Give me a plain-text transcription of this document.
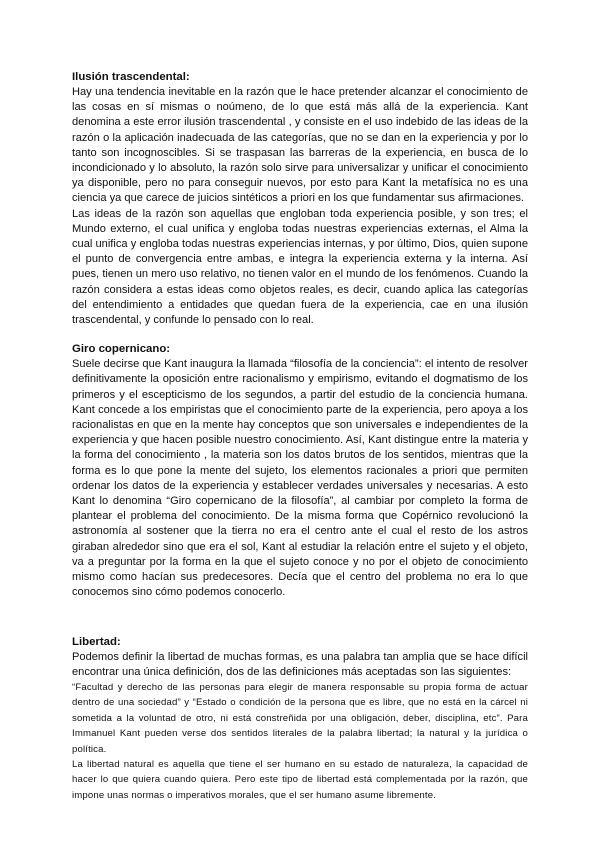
Ilusión trascendental:

Hay una tendencia inevitable en la razón que le hace pretender alcanzar el conocimiento de las cosas en sí mismas o noúmeno, de lo que está más allá de la experiencia. Kant denomina a este error ilusión trascendental , y consiste en el uso indebido de las ideas de la razón o la aplicación inadecuada de las categorías, que no se dan en la experiencia y por lo tanto son incognoscibles. Si se traspasan las barreras de la experiencia, en busca de lo incondicionado y lo absoluto, la razón solo sirve para universalizar y unificar el conocimiento ya disponible, pero no para conseguir nuevos, por esto para Kant la metafísica no es una ciencia ya que carece de juicios sintéticos a priori en los que fundamentar sus afirmaciones.

Las ideas de la razón son aquellas que engloban toda experiencia posible, y son tres; el Mundo externo, el cual unifica y engloba todas nuestras experiencias externas, el Alma la cual unifica y engloba todas nuestras experiencias internas, y por último, Dios, quien supone el punto de convergencia entre ambas, e integra la experiencia externa y la interna. Así pues, tienen un mero uso relativo, no tienen valor en el mundo de los fenómenos. Cuando la razón considera a estas ideas como objetos reales, es decir, cuando aplica las categorías del entendimiento a entidades que quedan fuera de la experiencia, cae en una ilusión trascendental, y confunde lo pensado con lo real.

Giro copernicano:

Suele decirse que Kant inaugura la llamada “filosofía de la conciencia”: el intento de resolver definitivamente la oposición entre racionalismo y empirismo, evitando el dogmatismo de los primeros y el escepticismo de los segundos, a partir del estudio de la conciencia humana. Kant concede a los empiristas que el conocimiento parte de la experiencia, pero apoya a los racionalistas en que en la mente hay conceptos que son universales e independientes de la experiencia y que hacen posible nuestro conocimiento. Así, Kant distingue entre la materia y la forma del conocimiento , la materia son los datos brutos de los sentidos, mientras que la forma es lo que pone la mente del sujeto, los elementos racionales a priori que permiten ordenar los datos de la experiencia y establecer verdades universales y necesarias. A esto Kant lo denomina “Giro copernicano de la filosofía”, al cambiar por completo la forma de plantear el problema del conocimiento. De la misma forma que Copérnico revolucionó la astronomía al sostener que la tierra no era el centro ante el cual el resto de los astros giraban alrededor sino que era el sol, Kant al estudiar la relación entre el sujeto y el objeto, va a preguntar por la forma en la que el sujeto conoce y no por el objeto de conocimiento mismo como hacían sus predecesores. Decía que el centro del problema no era lo que conocemos sino cómo podemos conocerlo.

Libertad:

Podemos definir la libertad de muchas formas, es una palabra tan amplia que se hace difícil encontrar una única definición, dos de las definiciones más aceptadas son las siguientes:

“Facultad y derecho de las personas para elegir de manera responsable su propia forma de actuar dentro de una sociedad” y “Estado o condición de la persona que es libre, que no está en la cárcel ni sometida a la voluntad de otro, ni está constreñida por una obligación, deber, disciplina, etc”. Para Immanuel Kant pueden verse dos sentidos literales de la palabra libertad; la natural y la jurídica o política.

La libertad natural es aquella que tiene el ser humano en su estado de naturaleza, la capacidad de hacer lo que quiera cuando quiera. Pero este tipo de libertad está complementada por la razón, que impone unas normas o imperativos morales, que el ser humano asume libremente.
